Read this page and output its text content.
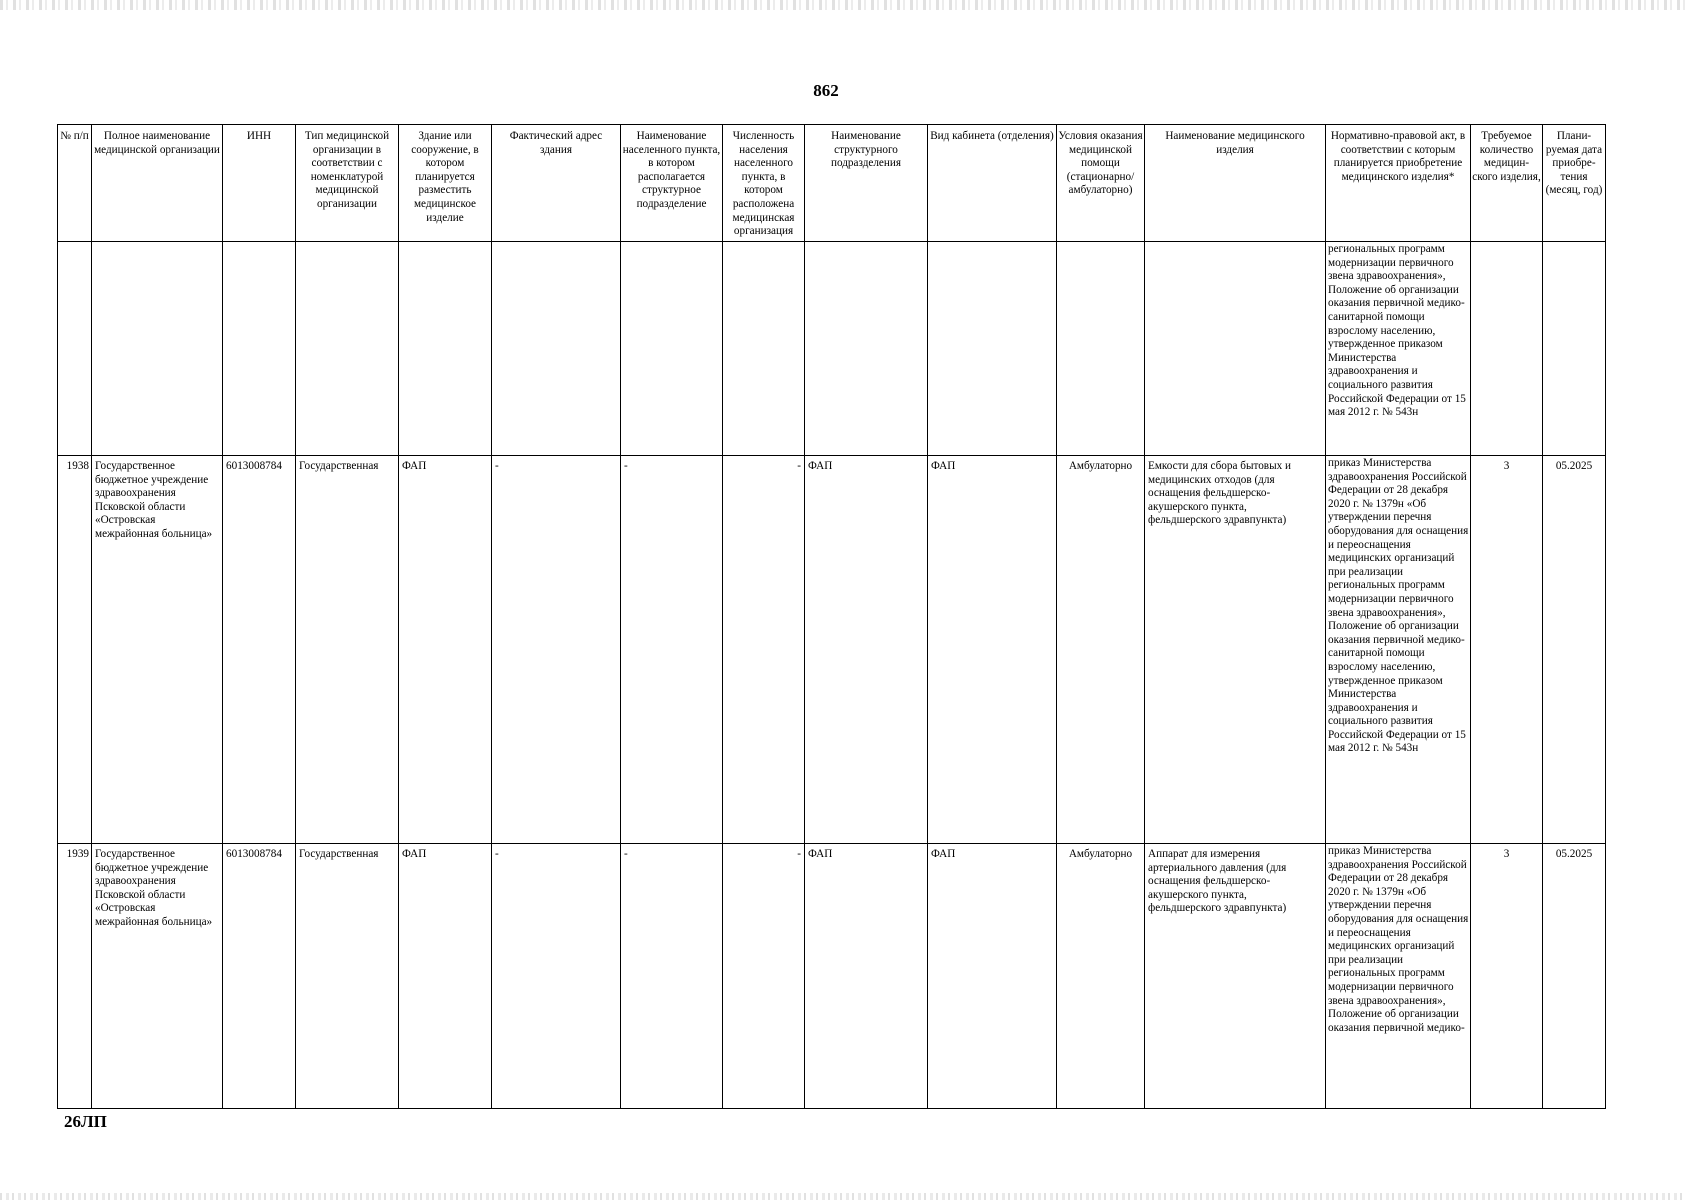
862
№ п/п	Полное наименование медицинской организации	ИНН	Тип медицинской организации в соответствии с номенклатурой медицинской организации	Здание или сооружение, в котором планируется разместить медицинское изделие	Фактический адрес здания	Наименование населенного пункта, в котором располагается структурное подразделение	Численность населения населенного пункта, в котором расположена медицинская организация	Наименование структурного подразделения	Вид кабинета (отделения)	Условия оказания медицинской помощи (стационарно/ амбулаторно)	Наименование медицинского изделия	Нормативно-правовой акт, в соответствии с которым планируется приобретение медицинского изделия*	Требуемое количество медицин-ского изделия,	Плани-руемая дата приобре-тения (месяц, год)
												региональных программ модернизации первичного звена здравоохранения», Положение об организации оказания первичной медико-санитарной помощи взрослому населению, утвержденное приказом Министерства здравоохранения и социального развития Российской Федерации от 15 мая 2012 г. № 543н		
1938	Государственное бюджетное учреждение здравоохранения Псковской области «Островская межрайонная больница»	6013008784	Государственная	ФАП	-	-	-	ФАП	ФАП	Амбулаторно	Емкости для сбора бытовых и медицинских отходов (для оснащения фельдшерско-акушерского пункта, фельдшерского здравпункта)	приказ Министерства здравоохранения Российской Федерации от 28 декабря 2020 г. № 1379н «Об утверждении перечня оборудования для оснащения и переоснащения медицинских организаций при реализации региональных программ модернизации первичного звена здравоохранения», Положение об организации оказания первичной медико-санитарной помощи взрослому населению, утвержденное приказом Министерства здравоохранения и социального развития Российской Федерации от 15 мая 2012 г. № 543н	3	05.2025
1939	Государственное бюджетное учреждение здравоохранения Псковской области «Островская межрайонная больница»	6013008784	Государственная	ФАП	-	-	-	ФАП	ФАП	Амбулаторно	Аппарат для измерения артериального давления (для оснащения фельдшерско-акушерского пункта, фельдшерского здравпункта)	приказ Министерства здравоохранения Российской Федерации от 28 декабря 2020 г. № 1379н «Об утверждении перечня оборудования для оснащения и переоснащения медицинских организаций при реализации региональных программ модернизации первичного звена здравоохранения», Положение об организации оказания первичной медико-	3	05.2025
26ЛП
